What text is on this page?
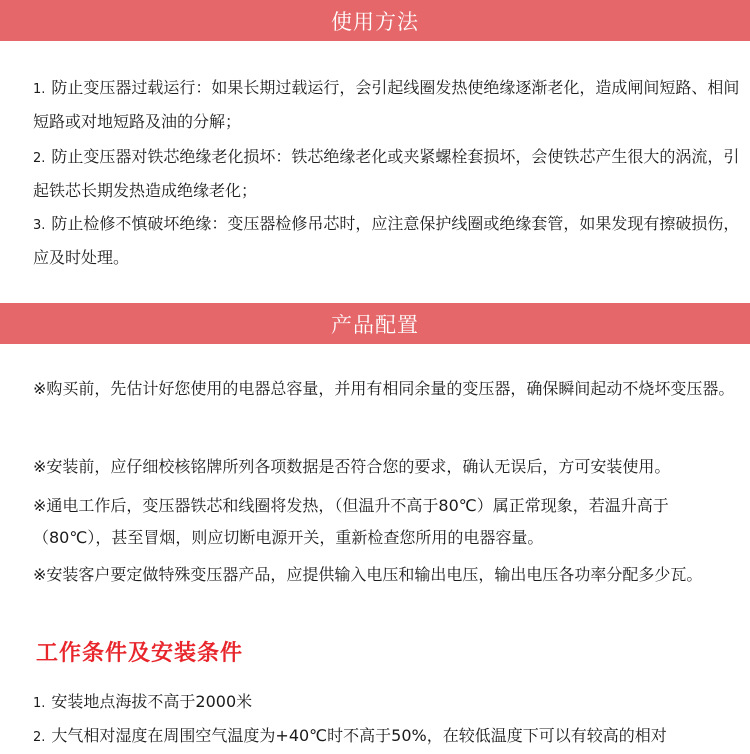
使用方法

1. 防止变压器过载运行：如果长期过载运行，会引起线圈发热使绝缘逐渐老化，造成闸间短路、相间短路或对地短路及油的分解；

2. 防止变压器对铁芯绝缘老化损坏：铁芯绝缘老化或夹紧螺栓套损坏，会使铁芯产生很大的涡流，引起铁芯长期发热造成绝缘老化；

3. 防止检修不慎破坏绝缘：变压器检修吊芯时，应注意保护线圈或绝缘套管，如果发现有擦破损伤，应及时处理。

产品配置

※购买前，先估计好您使用的电器总容量，并用有相同余量的变压器，确保瞬间起动不烧坏变压器。

※安装前，应仔细校核铭牌所列各项数据是否符合您的要求，确认无误后，方可安装使用。

※通电工作后，变压器铁芯和线圈将发热，（但温升不高于80℃）属正常现象，若温升高于（80℃），甚至冒烟，则应切断电源开关，重新检查您所用的电器容量。

※安装客户要定做特殊变压器产品，应提供输入电压和输出电压，输出电压各功率分配多少瓦。

工作条件及安装条件

1. 安装地点海拔不高于2000米

2. 大气相对湿度在周围空气温度为+40℃时不高于50%，在较低温度下可以有较高的相对
